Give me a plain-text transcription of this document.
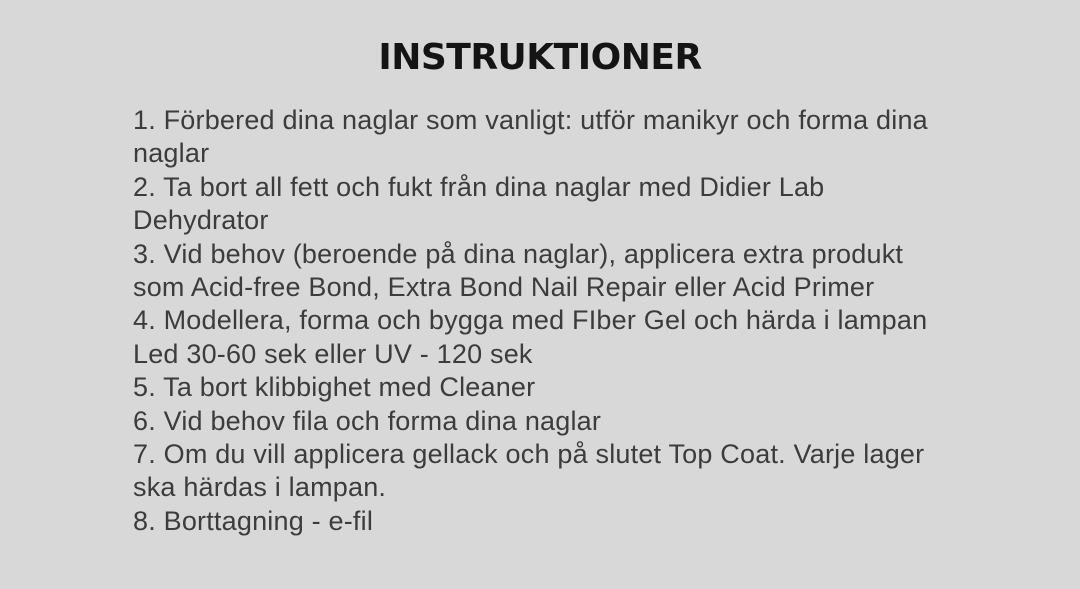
INSTRUKTIONER

1. Förbered dina naglar som vanligt: utför manikyr och forma dina
naglar

2. Ta bort all fett och fukt från dina naglar med Didier Lab
Dehydrator

3. Vid behov (beroende på dina naglar), applicera extra produkt
som Acid-free Bond, Extra Bond Nail Repair eller Acid Primer

4. Modellera, forma och bygga med FIber Gel och härda i lampan
Led 30-60 sek eller UV - 120 sek

5. Ta bort klibbighet med Cleaner

6. Vid behov fila och forma dina naglar

7. Om du vill applicera gellack och på slutet Top Coat. Varje lager
ska härdas i lampan.

8. Borttagning - e-fil
